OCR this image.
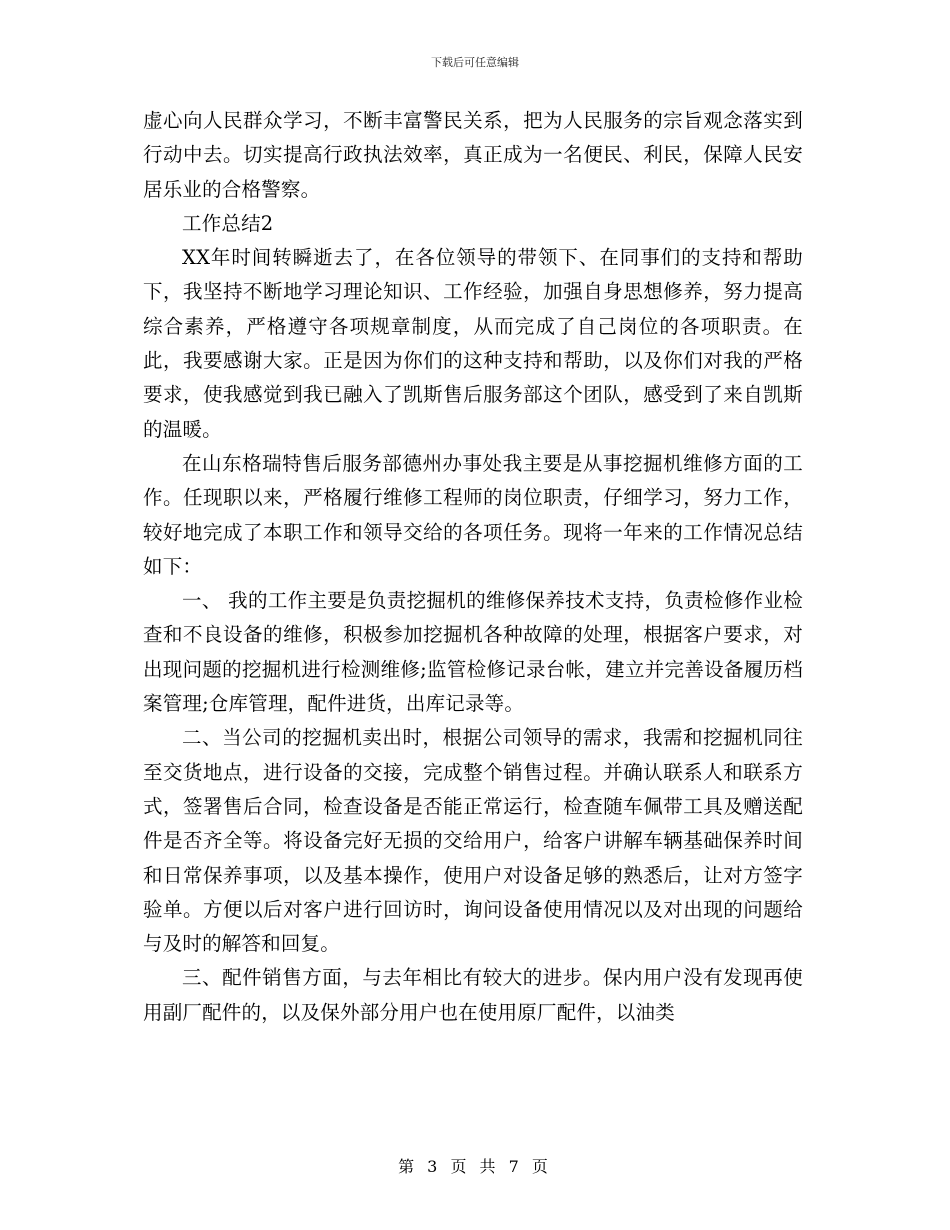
下载后可任意编辑

虚心向人民群众学习，不断丰富警民关系，把为人民服务的宗旨观念落实到行动中去。切实提高行政执法效率，真正成为一名便民、利民，保障人民安居乐业的合格警察。

工作总结2

XX年时间转瞬逝去了，在各位领导的带领下、在同事们的支持和帮助下，我坚持不断地学习理论知识、工作经验，加强自身思想修养，努力提高综合素养，严格遵守各项规章制度，从而完成了自己岗位的各项职责。在此，我要感谢大家。正是因为你们的这种支持和帮助，以及你们对我的严格要求，使我感觉到我已融入了凯斯售后服务部这个团队，感受到了来自凯斯的温暖。

在山东格瑞特售后服务部德州办事处我主要是从事挖掘机维修方面的工作。任现职以来，严格履行维修工程师的岗位职责，仔细学习，努力工作，较好地完成了本职工作和领导交给的各项任务。现将一年来的工作情况总结如下：

一、 我的工作主要是负责挖掘机的维修保养技术支持，负责检修作业检查和不良设备的维修，积极参加挖掘机各种故障的处理，根据客户要求，对出现问题的挖掘机进行检测维修;监管检修记录台帐，建立并完善设备履历档案管理;仓库管理，配件进货，出库记录等。

二、当公司的挖掘机卖出时，根据公司领导的需求，我需和挖掘机同往至交货地点，进行设备的交接，完成整个销售过程。并确认联系人和联系方式，签署售后合同，检查设备是否能正常运行，检查随车佩带工具及赠送配件是否齐全等。将设备完好无损的交给用户，给客户讲解车辆基础保养时间和日常保养事项，以及基本操作，使用户对设备足够的熟悉后，让对方签字验单。方便以后对客户进行回访时，询问设备使用情况以及对出现的问题给与及时的解答和回复。

三、配件销售方面，与去年相比有较大的进步。保内用户没有发现再使用副厂配件的，以及保外部分用户也在使用原厂配件，以油类

第 3 页 共 7 页
